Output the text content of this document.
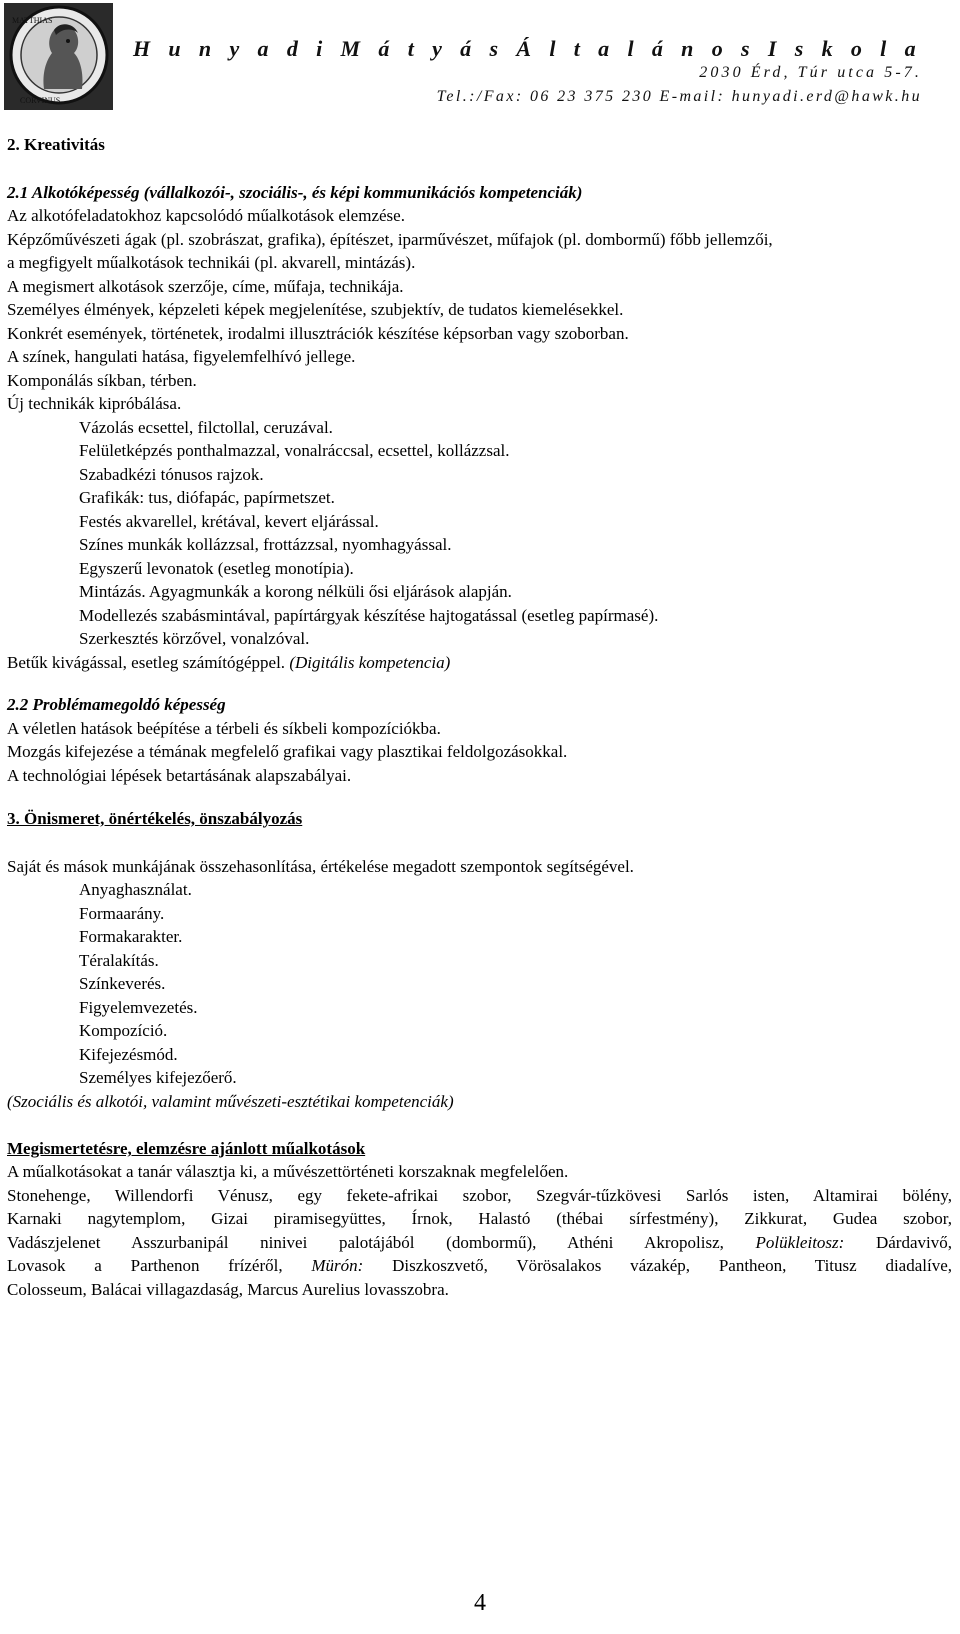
MATTHIAS
CORVINUS
H u n y a d i M á t y á s Á l t a l á n o s I s k o l a
2030 Érd, Túr utca 5-7.
Tel.:/Fax: 06 23 375 230 E-mail: hunyadi.erd@hawk.hu
2. Kreativitás
2.1 Alkotóképesség (vállalkozói-, szociális-, és képi kommunikációs kompetenciák)
Az alkotófeladatokhoz kapcsolódó műalkotások elemzése.
Képzőművészeti ágak (pl. szobrászat, grafika), építészet, iparművészet, műfajok (pl. dombormű) főbb jellemzői,
a megfigyelt műalkotások technikái (pl. akvarell, mintázás).
A megismert alkotások szerzője, címe, műfaja, technikája.
Személyes élmények, képzeleti képek megjelenítése, szubjektív, de tudatos kiemelésekkel.
Konkrét események, történetek, irodalmi illusztrációk készítése képsorban vagy szoborban.
A színek, hangulati hatása, figyelemfelhívó jellege.
Komponálás síkban, térben.
Új technikák kipróbálása.
Vázolás ecsettel, filctollal, ceruzával.
Felületképzés ponthalmazzal, vonalráccsal, ecsettel, kollázzsal.
Szabadkézi tónusos rajzok.
Grafikák: tus, diófapác, papírmetszet.
Festés akvarellel, krétával, kevert eljárással.
Színes munkák kollázzsal, frottázzsal, nyomhagyással.
Egyszerű levonatok (esetleg monotípia).
Mintázás. Agyagmunkák a korong nélküli ősi eljárások alapján.
Modellezés szabásmintával, papírtárgyak készítése hajtogatással (esetleg papírmasé).
Szerkesztés körzővel, vonalzóval.
Betűk kivágással, esetleg számítógéppel. (Digitális kompetencia)
2.2 Problémamegoldó képesség
A véletlen hatások beépítése a térbeli és síkbeli kompozíciókba.
Mozgás kifejezése a témának megfelelő grafikai vagy plasztikai feldolgozásokkal.
A technológiai lépések betartásának alapszabályai.
3. Önismeret, önértékelés, önszabályozás
Saját és mások munkájának összehasonlítása, értékelése megadott szempontok segítségével.
Anyaghasználat.
Formaarány.
Formakarakter.
Téralakítás.
Színkeverés.
Figyelemvezetés.
Kompozíció.
Kifejezésmód.
Személyes kifejezőerő.
(Szociális és alkotói, valamint művészeti-esztétikai kompetenciák)
Megismertetésre, elemzésre ajánlott műalkotások
A műalkotásokat a tanár választja ki, a művészettörténeti korszaknak megfelelően.
Stonehenge, Willendorfi Vénusz, egy fekete-afrikai szobor, Szegvár-tűzkövesi Sarlós isten, Altamirai bölény,
Karnaki nagytemplom, Gizai piramisegyüttes, Írnok, Halastó (thébai sírfestmény), Zikkurat, Gudea szobor,
Vadászjelenet Asszurbanipál ninivei palotájából (dombormű), Athéni Akropolisz, Polükleitosz: Dárdavivő,
Lovasok a Parthenon frízéről, Mürón: Diszkoszvető, Vörösalakos vázakép, Pantheon, Titusz diadalíve,
Colosseum, Balácai villagazdaság, Marcus Aurelius lovasszobra.
4
